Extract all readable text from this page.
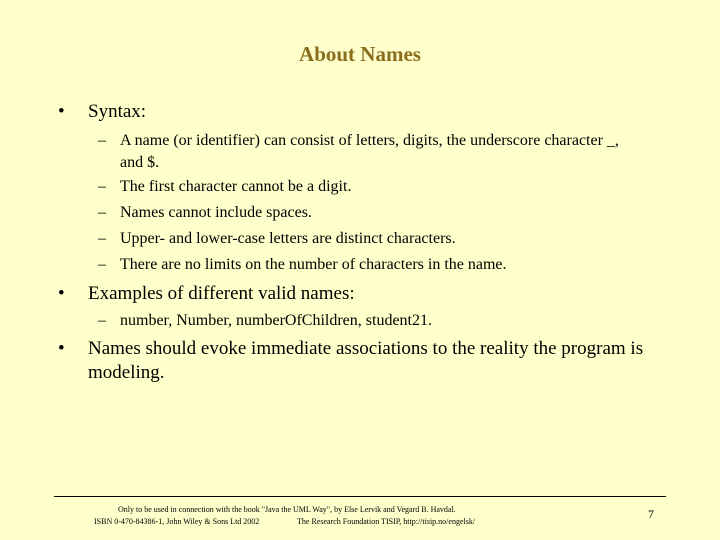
About Names
• Syntax:
– A name (or identifier) can consist of letters, digits, the underscore character _, and $.
– The first character cannot be a digit.
– Names cannot include spaces.
– Upper- and lower-case letters are distinct characters.
– There are no limits on the number of characters in the name.
• Examples of different valid names:
– number, Number, numberOfChildren, student21.
• Names should evoke immediate associations to the reality the program is modeling.
Only to be used in connection with the book "Java the UML Way", by Else Lervik and Vegard B. Havdal.
ISBN 0-470-84386-1, John Wiley & Sons Ltd 2002	The Research Foundation TISIP, http://tisip.no/engelsk/
7
